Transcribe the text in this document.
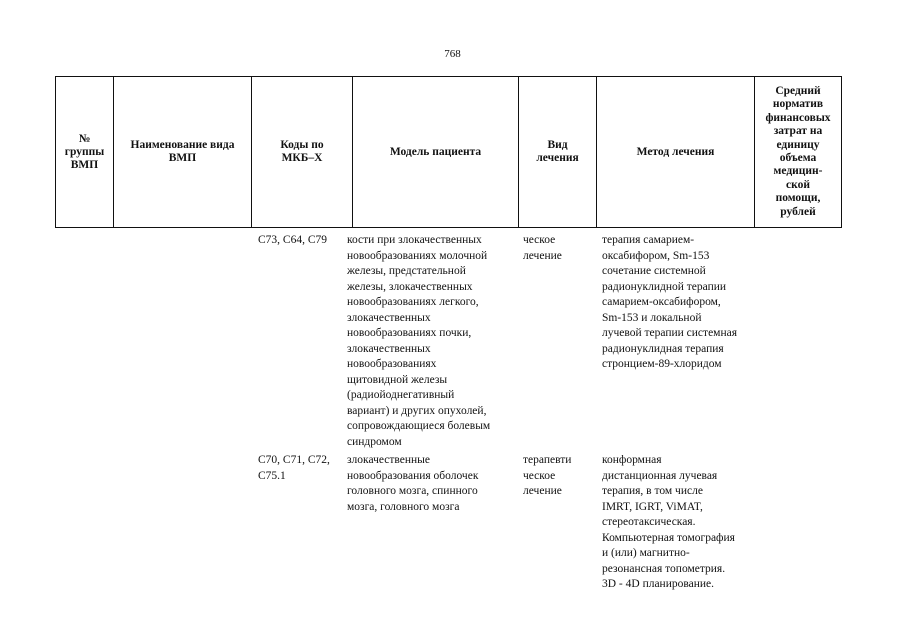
768
№
группы
ВМП
Наименование вида
ВМП
Коды по
МКБ–X
Модель пациента
Вид
лечения
Метод лечения
Средний
норматив
финансовых
затрат на
единицу
объема
медицин-
ской
помощи,
рублей
C73, C64, C79 кости при злокачественных
новообразованиях молочной
железы, предстательной
железы, злокачественных
новообразованиях легкого,
злокачественных
новообразованиях почки,
злокачественных
новообразованиях
щитовидной железы
(радиойоднегативный
вариант) и других опухолей,
сопровождающиеся болевым
синдромом
ческое
лечение
терапия самарием-
оксабифором, Sm-153
сочетание системной
радионуклидной терапии
самарием-оксабифором,
Sm-153 и локальной
лучевой терапии системная
радионуклидная терапия
стронцием-89-хлоридом
C70, C71, C72,
C75.1
злокачественные
новообразования оболочек
головного мозга, спинного
мозга, головного мозга
терапевти
ческое
лечение
конформная
дистанционная лучевая
терапия, в том числе
IMRT, IGRT, ViMAT,
стереотаксическая.
Компьютерная томография
и (или) магнитно-
резонансная топометрия.
3D - 4D планирование.
